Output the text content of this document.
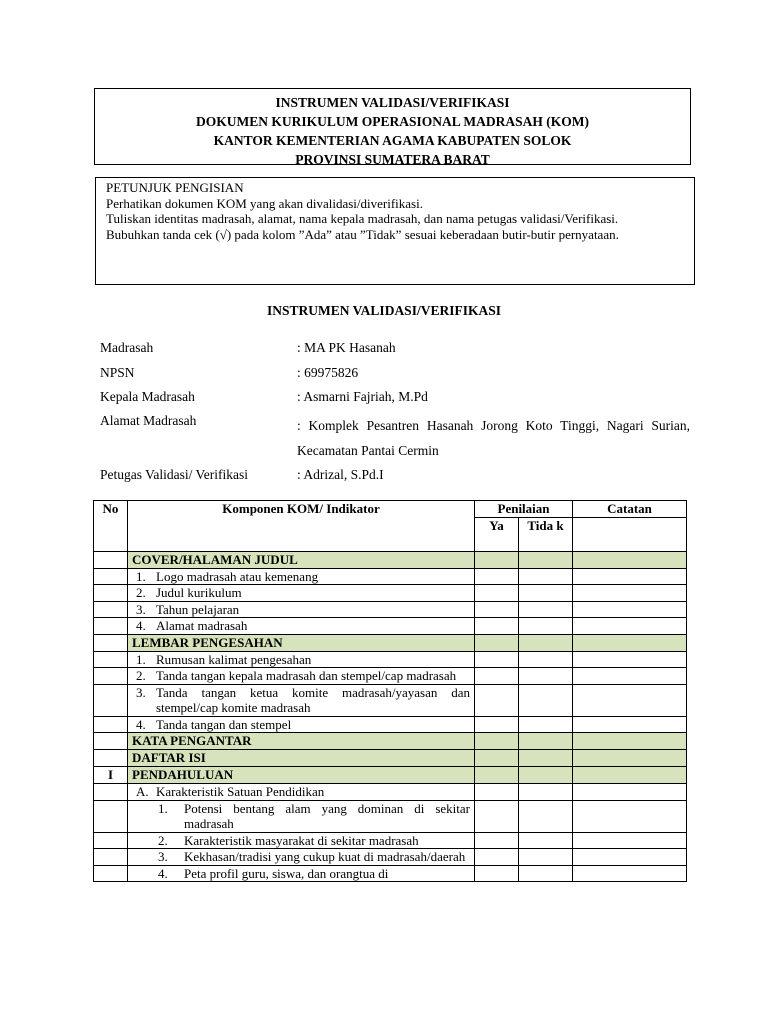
INSTRUMEN VALIDASI/VERIFIKASI
DOKUMEN KURIKULUM OPERASIONAL MADRASAH (KOM)
KANTOR KEMENTERIAN AGAMA KABUPATEN SOLOK
PROVINSI SUMATERA BARAT
PETUNJUK PENGISIAN
Perhatikan dokumen KOM yang akan divalidasi/diverifikasi.
Tuliskan identitas madrasah, alamat, nama kepala madrasah, dan nama petugas validasi/Verifikasi.
Bubuhkan tanda cek (√) pada kolom ”Ada” atau ”Tidak” sesuai keberadaan butir-butir pernyataan.
INSTRUMEN VALIDASI/VERIFIKASI
Madrasah	: MA PK Hasanah
NPSN	: 69975826
Kepala Madrasah	: Asmarni Fajriah, M.Pd
Alamat Madrasah	: Komplek Pesantren Hasanah Jorong Koto Tinggi, Nagari Surian, Kecamatan Pantai Cermin
Petugas Validasi/ Verifikasi	: Adrizal, S.Pd.I
No	Komponen KOM/ Indikator	Penilaian		Catatan
		Ya	Tida k	
	COVER/HALAMAN JUDUL			

	1. Logo madrasah atau kemenang			

	2. Judul kurikulum			

	3. Tahun pelajaran			

	4. Alamat madrasah			

	LEMBAR PENGESAHAN			

	1. Rumusan kalimat pengesahan			

	2. Tanda tangan kepala madrasah dan stempel/cap madrasah			

	3. Tanda tangan ketua komite madrasah/yayasan dan stempel/cap komite madrasah			

	4. Tanda tangan dan stempel			

	KATA PENGANTAR			
	DAFTAR ISI			
I	PENDAHULUAN			

	A. Karakteristik Satuan Pendidikan			

	1. Potensi bentang alam yang dominan di sekitar madrasah			

	2. Karakteristik masyarakat di sekitar madrasah			

	3. Kekhasan/tradisi yang cukup kuat di madrasah/daerah			

	4. Peta profil guru, siswa, dan orangtua di			
